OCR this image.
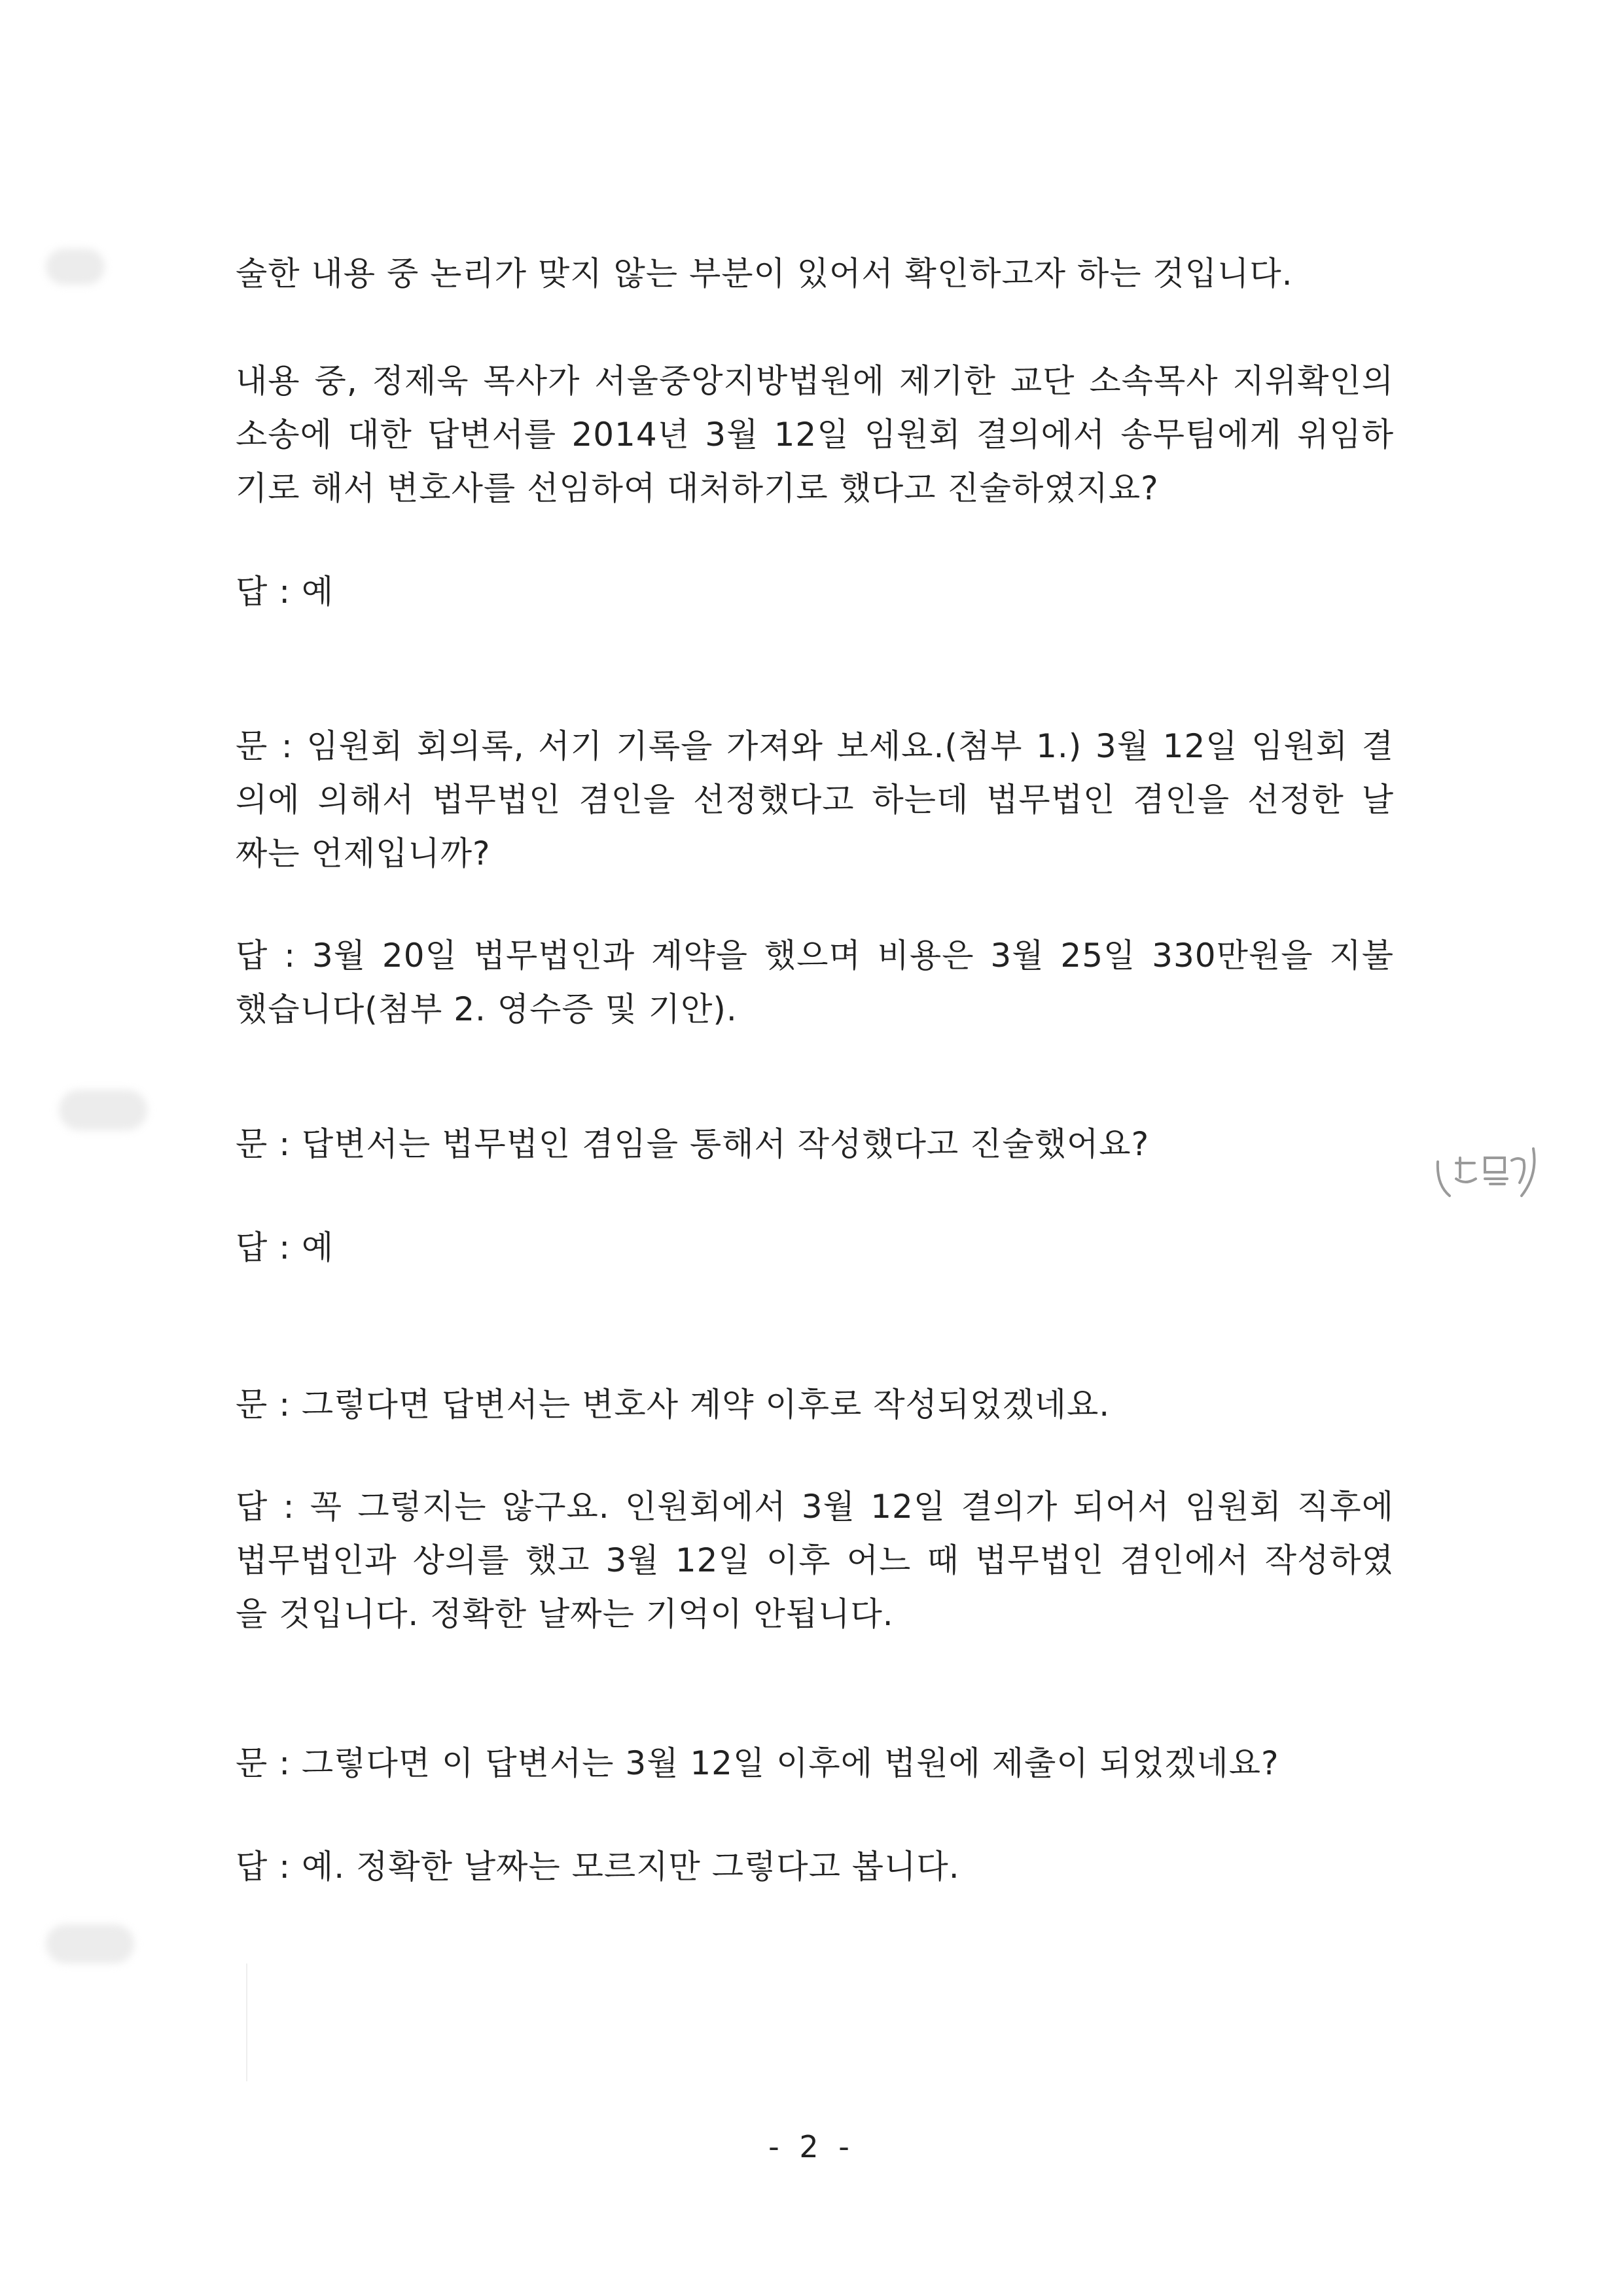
술한 내용 중 논리가 맞지 않는 부분이 있어서 확인하고자 하는 것입니다.
내용 중, 정제욱 목사가 서울중앙지방법원에 제기한 교단 소속목사 지위확인의
소송에 대한 답변서를 2014년 3월 12일 임원회 결의에서 송무팀에게 위임하
기로 해서 변호사를 선임하여 대처하기로 했다고 진술하였지요?
답 : 예
문 : 임원회 회의록, 서기 기록을 가져와 보세요.(첨부 1.) 3월 12일 임원회 결
의에 의해서 법무법인 겸인을 선정했다고 하는데 법무법인 겸인을 선정한 날
짜는 언제입니까?
답 : 3월 20일 법무법인과 계약을 했으며 비용은 3월 25일 330만원을 지불
했습니다(첨부 2. 영수증 및 기안).
문 : 답변서는 법무법인 겸임을 통해서 작성했다고 진술했어요?
답 : 예
문 : 그렇다면 답변서는 변호사 계약 이후로 작성되었겠네요.
답 : 꼭 그렇지는 않구요. 인원회에서 3월 12일 결의가 되어서 임원회 직후에
법무법인과 상의를 했고 3월 12일 이후 어느 때 법무법인 겸인에서 작성하였
을 것입니다. 정확한 날짜는 기억이 안됩니다.
문 : 그렇다면 이 답변서는 3월 12일 이후에 법원에 제출이 되었겠네요?
답 : 예. 정확한 날짜는 모르지만 그렇다고 봅니다.
- 2 -
